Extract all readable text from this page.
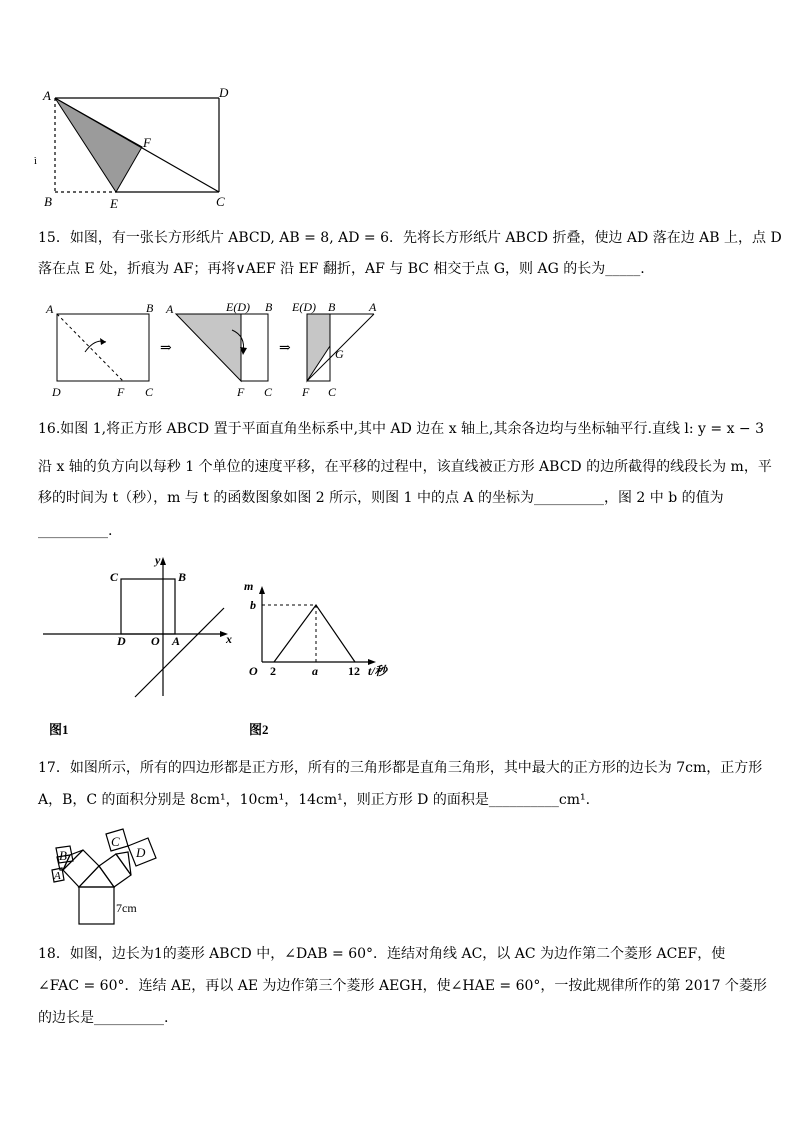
A	D
F
B	E	C
ì
15．如图，有一张长方形纸片 ABCD, AB = 8, AD = 6．先将长方形纸片 ABCD 折叠，使边 AD 落在边 AB 上，点 D
落在点 E 处，折痕为 AF；再将∨AEF 沿 EF 翻折，AF 与 BC 相交于点 G，则 AG 的长为_____.
A	B
D	F C
⇒
A	E(D) B
F C
⇒
E(D) B	A
G
F C
16.如图 1,将正方形 ABCD 置于平面直角坐标系中,其中 AD 边在 x 轴上,其余各边均与坐标轴平行.直线 l: y = x − 3
沿 x 轴的负方向以每秒 1 个单位的速度平移，在平移的过程中，该直线被正方形 ABCD 的边所截得的线段长为 m，平
移的时间为 t（秒），m 与 t 的函数图象如图 2 所示，则图 1 中的点 A 的坐标为__________，图 2 中 b 的值为
__________.
y
C	B
D O A	x
图1
m
b
O 2	a	12 t/秒
图2
17．如图所示，所有的四边形都是正方形，所有的三角形都是直角三角形，其中最大的正方形的边长为 7cm，正方形
A，B，C 的面积分别是 8cm¹，10cm¹，14cm¹，则正方形 D 的面积是__________cm¹.
A
B
C
D
7cm
18．如图，边长为1的菱形 ABCD 中，∠DAB = 60°．连结对角线 AC，以 AC 为边作第二个菱形 ACEF，使
∠FAC = 60°．连结 AE，再以 AE 为边作第三个菱形 AEGH，使∠HAE = 60°，一按此规律所作的第 2017 个菱形
的边长是__________.
